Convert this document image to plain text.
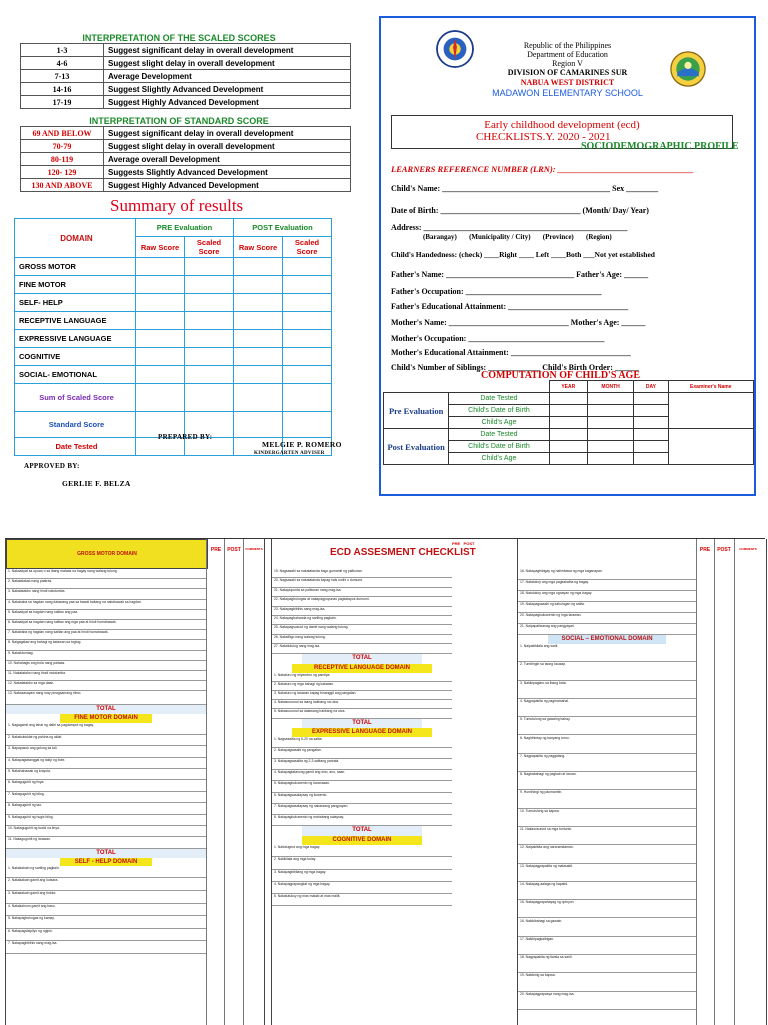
INTERPRETATION OF THE SCALED SCORES
1-3	Suggest significant delay in overall development
4-6	Suggest slight delay in overall development
7-13	Average Development
14-16	Suggest Slightly Advanced Development
17-19	Suggest Highly Advanced Development
INTERPRETATION OF STANDARD SCORE
69 AND BELOW	Suggest significant delay in overall development
70-79	Suggest slight delay in overall development
80-119	Average overall Development
120- 129	Suggests Slightly Advanced Development
130 AND ABOVE	Suggest Highly Advanced Development
Summary of results
DOMAIN	PRE Evaluation		POST Evaluation	
	Raw Score	Scaled Score	Raw Score	Scaled Score
GROSS MOTOR				
FINE MOTOR				
SELF- HELP				
RECEPTIVE LANGUAGE				
EXPRESSIVE LANGUAGE				
COGNITIVE				
SOCIAL- EMOTIONAL				
Sum of Scaled Score				
Standard Score				
Date Tested				
PREPARED BY:
MELGIE P. ROMERO
KINDERGARTEN ADVISER
APPROVED BY:
GERLIE F. BELZA
Republic of the Philippines
Department of Education
Region V
DIVISION OF CAMARINES SUR
NABUA WEST DISTRICT
MADAWON ELEMENTARY SCHOOL
Early childhood development (ecd)
CHECKLISTS.Y. 2020 - 2021
SOCIODEMOGRAPHIC PROFILE
LEARNERS REFERENCE NUMBER (LRN): ________________________________
Child's Name: __________________________________________ Sex ________
Date of Birth: ___________________________________ (Month/ Day/ Year)
Address: ___________________________________________________
(Barangay) (Municipality / City) (Province) (Region)
Child's Handedness: (check) ____Right ____ Left ____Both ___Not yet established
Father's Name: ________________________________ Father's Age: ______
Father's Occupation: __________________________________
Father's Educational Attainment: ______________________________
Mother's Name: ______________________________ Mother's Age: ______
Mother's Occupation: __________________________________
Mother's Educational Attainment: ______________________________
Child's Number of Siblings: _____________ Child's Birth Order: ______
COMPUTATION OF CHILD'S AGE
		YEAR	MONTH	DAY	Examiner's Name
Pre Evaluation	Date Tested				
	Child's Date of Birth				
	Child's Age				
Post Evaluation	Date Tested				
	Child's Date of Birth				
	Child's Age				
GROSS MOTOR DOMAIN
PRE	POST	COMMENTS
1. Nakaakyat sa upuan o sa ibang mataas na bagay nang walang tulong.
2. Nakalalakad nang paatras.
3. Nakatatakbo nang hindi natutumba.
4. Nakababa sa hagdan nang dalawang paa sa bawat baitang na nakahawak sa hagdan.
5. Nakaakyat sa hagdan nang salitan ang paa.
6. Nakaakyat sa hagdan nang salitan ang mga paa at hindi humahawak.
7. Nakababa ng hagdan nang salitan ang paa at hindi humahawak.
8. Naigagalaw ang bahagi ng katawan sa tugtog.
9. Nakalulundag.
10. Nahahagis ang bola nang paitaas.
11. Nakatatalon nang hindi natutumba.
12. Nakatatakbo sa mga daan.
13. Nakasasayaw nang may pinagsamang ritmo.
TOTAL
FINE MOTOR DOMAIN
1. Nagagamit ang lahat ng daliri sa pagdampot ng bagay.
2. Nakabubuklat ng pahina ng aklat.
3. Napapasok ang gulong sa tali.
4. Nakapagtatanggal ng takip ng bote.
5. Nakahahawak ng krayola.
6. Nakaguguhit ng linya.
7. Nakaguguhit ng bilog.
8. Nakaguguhit ng tao.
9. Nakaguguhit ng hugis bilog.
10. Nakaguguhit ng tuwid na linya.
11. Nakaguguhit ng larawan.
TOTAL
SELF - HELP DOMAIN
1. Nakakakain ng sariling pagkain.
2. Nakakakain gamit ang kutsara.
3. Nakakakain gamit ang tinidor.
4. Nakakainom gamit ang baso.
5. Nakapaghuhugas ng kamay.
6. Nakapagsisipilyo ng ngipin.
7. Nakapagbibihis nang mag-isa.
ECD ASSESMENT CHECKLIST
19. Nagsasabi sa nakatatanda bago gumamit ng palikuran.
20. Nagsasabi sa nakatatanda kapag nais umihi o dumumi.
21. Nakapupunta sa palikuran nang mag-isa.
22. Nakapaghuhugas at nakapagpupunas pagkatapos dumumi.
23. Nakapagbibihis nang mag-isa.
24. Nakapaghahanda ng sariling pagkain.
25. Nakapagsusuot ng damit nang walang tulong.
26. Nakaliligo nang walang tulong.
27. Nakatutulog nang mag-isa.
TOTAL
RECEPTIVE LANGUAGE DOMAIN
1. Nakaturo ng miyembro ng pamilya.
2. Nakaturo ng mga bahagi ng katawan.
3. Nakaturo ng larawan kapag binanggit ang pangalan.
4. Nakasusunod sa isang hakbang na utos.
5. Nakasusunod sa dalawang hakbang na utos.
TOTAL
EXPRESSIVE LANGUAGE DOMAIN
1. Nagsasalita ng 5-20 na salita.
2. Nakapagsasabi ng pangalan.
3. Nakapagsasalita ng 2-3 salitang parirala.
4. Nakapagtatanong gamit ang sino, ano, saan.
5. Nakapagkukuwento ng karanasan.
6. Nakapagsasalaysay ng kuwento.
7. Nakapagsasalaysay ng nakaraang pangyayari.
8. Nakapagkukuwento ng mahabang salaysay.
TOTAL
COGNITIVE DOMAIN
1. Naitutugma ang mga bagay.
2. Nakikilala ang mga kulay.
3. Nakapagbibilang ng mga bagay.
4. Nakapagpapangkat ng mga bagay.
5. Nakatutukoy ng mas malaki at mas maliit.
PRE POST
PRE	POST	COMMENTS
16. Nakapagbibigay ng halimbawa ng mga kaganapan.
17. Natatukoy ang mga pagkakaiba ng bagay.
18. Natutukoy ang mga ugnayan ng mga bagay.
19. Nakapagsasabi ng kahulugan ng salita.
20. Nakapagkukuwento ng mga larawan.
21. Naipapaliwanag ang pangyayari.
SOCIAL – EMOTIONAL DOMAIN
1. Naipakikilala ang sarili.
2. Tumitingin sa taong kausap.
3. Nakikipaglaro sa ibang bata.
4. Nagpapakita ng pagmamahal.
5. Tumutulong sa gawaing bahay.
6. Naghihintay ng kanyang turno.
7. Nagpapakita ng paggalang.
8. Nagbabahagi ng pagkain at laruan.
9. Humihingi ng paumanhin.
10. Tumutulong sa kapwa.
11. Nakasusunod sa mga tuntunin.
12. Naipakikita ang nararamdaman.
13. Nakapagpapakita ng malasakit.
14. Nakapag-aalaga ng kapatid.
15. Nakapagpapahayag ng opinyon.
16. Nakikibahagi sa gawain.
17. Nakikipagkaibigan.
18. Nagpapakita ng tiwala sa sarili.
19. Nakikinig sa kapwa.
20. Nakapagpapasya nang mag-isa.
